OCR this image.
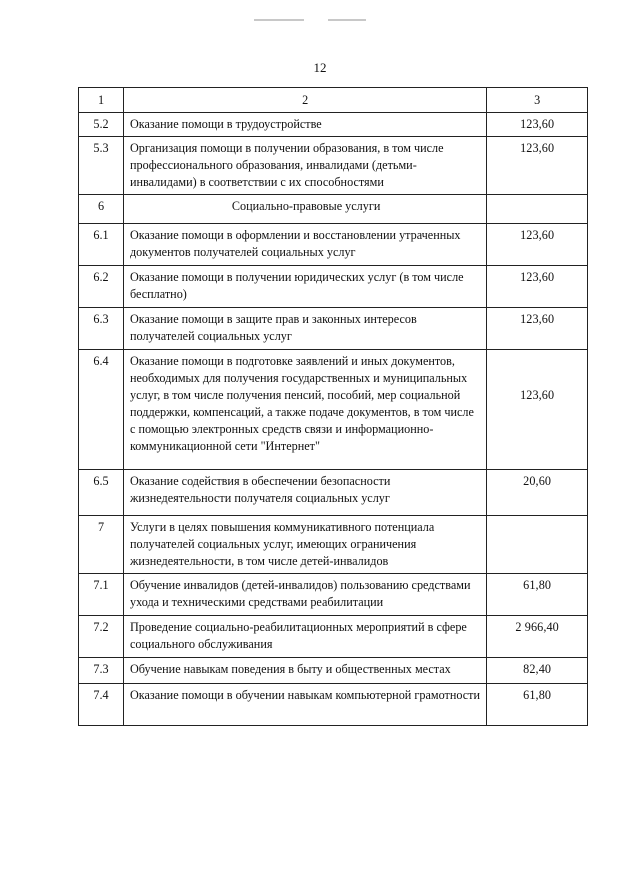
12
1	2	3
5.2	Оказание помощи в трудоустройстве	123,60
5.3	Организация помощи в получении образования, в том числе профессионального образования, инвалидами (детьми-инвалидами) в соответствии с их способностями	123,60
6	Социально-правовые услуги	
6.1	Оказание помощи в оформлении и восстановлении утраченных документов получателей социальных услуг	123,60
6.2	Оказание помощи в получении юридических услуг (в том числе бесплатно)	123,60
6.3	Оказание помощи в защите прав и законных интересов получателей социальных услуг	123,60
6.4	Оказание помощи в подготовке заявлений и иных документов, необходимых для получения государственных и муниципальных услуг, в том числе получения пенсий, пособий, мер социальной поддержки, компенсаций, а также подаче документов, в том числе с помощью электронных средств связи и информационно-коммуникационной сети "Интернет"	123,60
6.5	Оказание содействия в обеспечении безопасности жизнедеятельности получателя социальных услуг	20,60
7	Услуги в целях повышения коммуникативного потенциала получателей социальных услуг, имеющих ограничения жизнедеятельности, в том числе детей-инвалидов	
7.1	Обучение инвалидов (детей-инвалидов) пользованию средствами ухода и техническими средствами реабилитации	61,80
7.2	Проведение социально-реабилитационных мероприятий в сфере социального обслуживания	2 966,40
7.3	Обучение навыкам поведения в быту и общественных местах	82,40
7.4	Оказание помощи в обучении навыкам компьютерной грамотности	61,80
